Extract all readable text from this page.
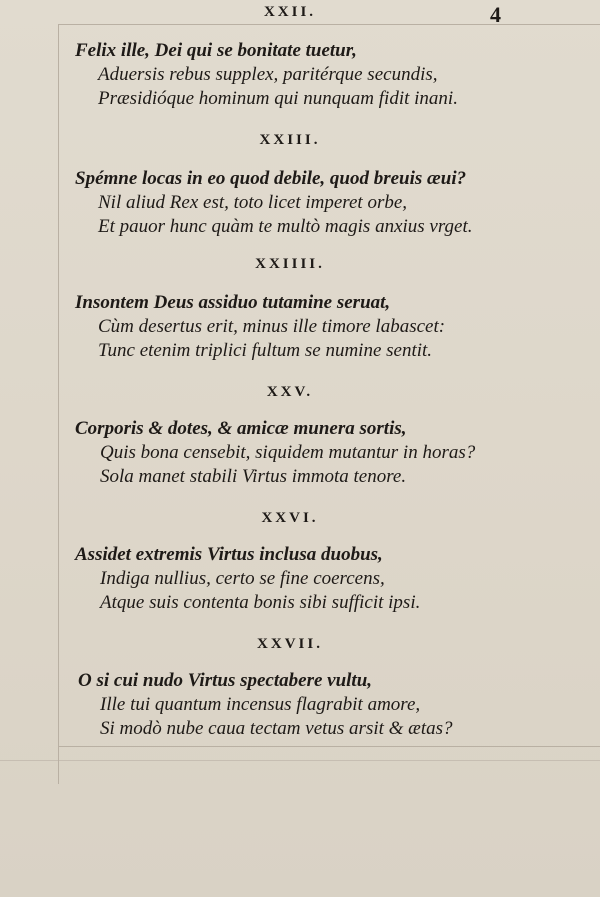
4
XXII.
Felix ille, Dei qui se bonitate tuetur,
Aduersis rebus supplex, paritérque secundis,
Præsidióque hominum qui nunquam fidit inani.
XXIII.
Spémne locas in eo quod debile, quod breuis æui?
Nil aliud Rex est, toto licet imperet orbe,
Et pauor hunc quàm te multò magis anxius vrget.
XXIIII.
Insontem Deus assiduo tutamine seruat,
Cùm desertus erit, minus ille timore labascet:
Tunc etenim triplici fultum se numine sentit.
XXV.
Corporis & dotes, & amicæ munera sortis,
Quis bona censebit, siquidem mutantur in horas?
Sola manet stabili Virtus immota tenore.
XXVI.
Assidet extremis Virtus inclusa duobus,
Indiga nullius, certo se fine coercens,
Atque suis contenta bonis sibi sufficit ipsi.
XXVII.
O si cui nudo Virtus spectabere vultu,
Ille tui quantum incensus flagrabit amore,
Si modò nube caua tectam vetus arsit & ætas?
